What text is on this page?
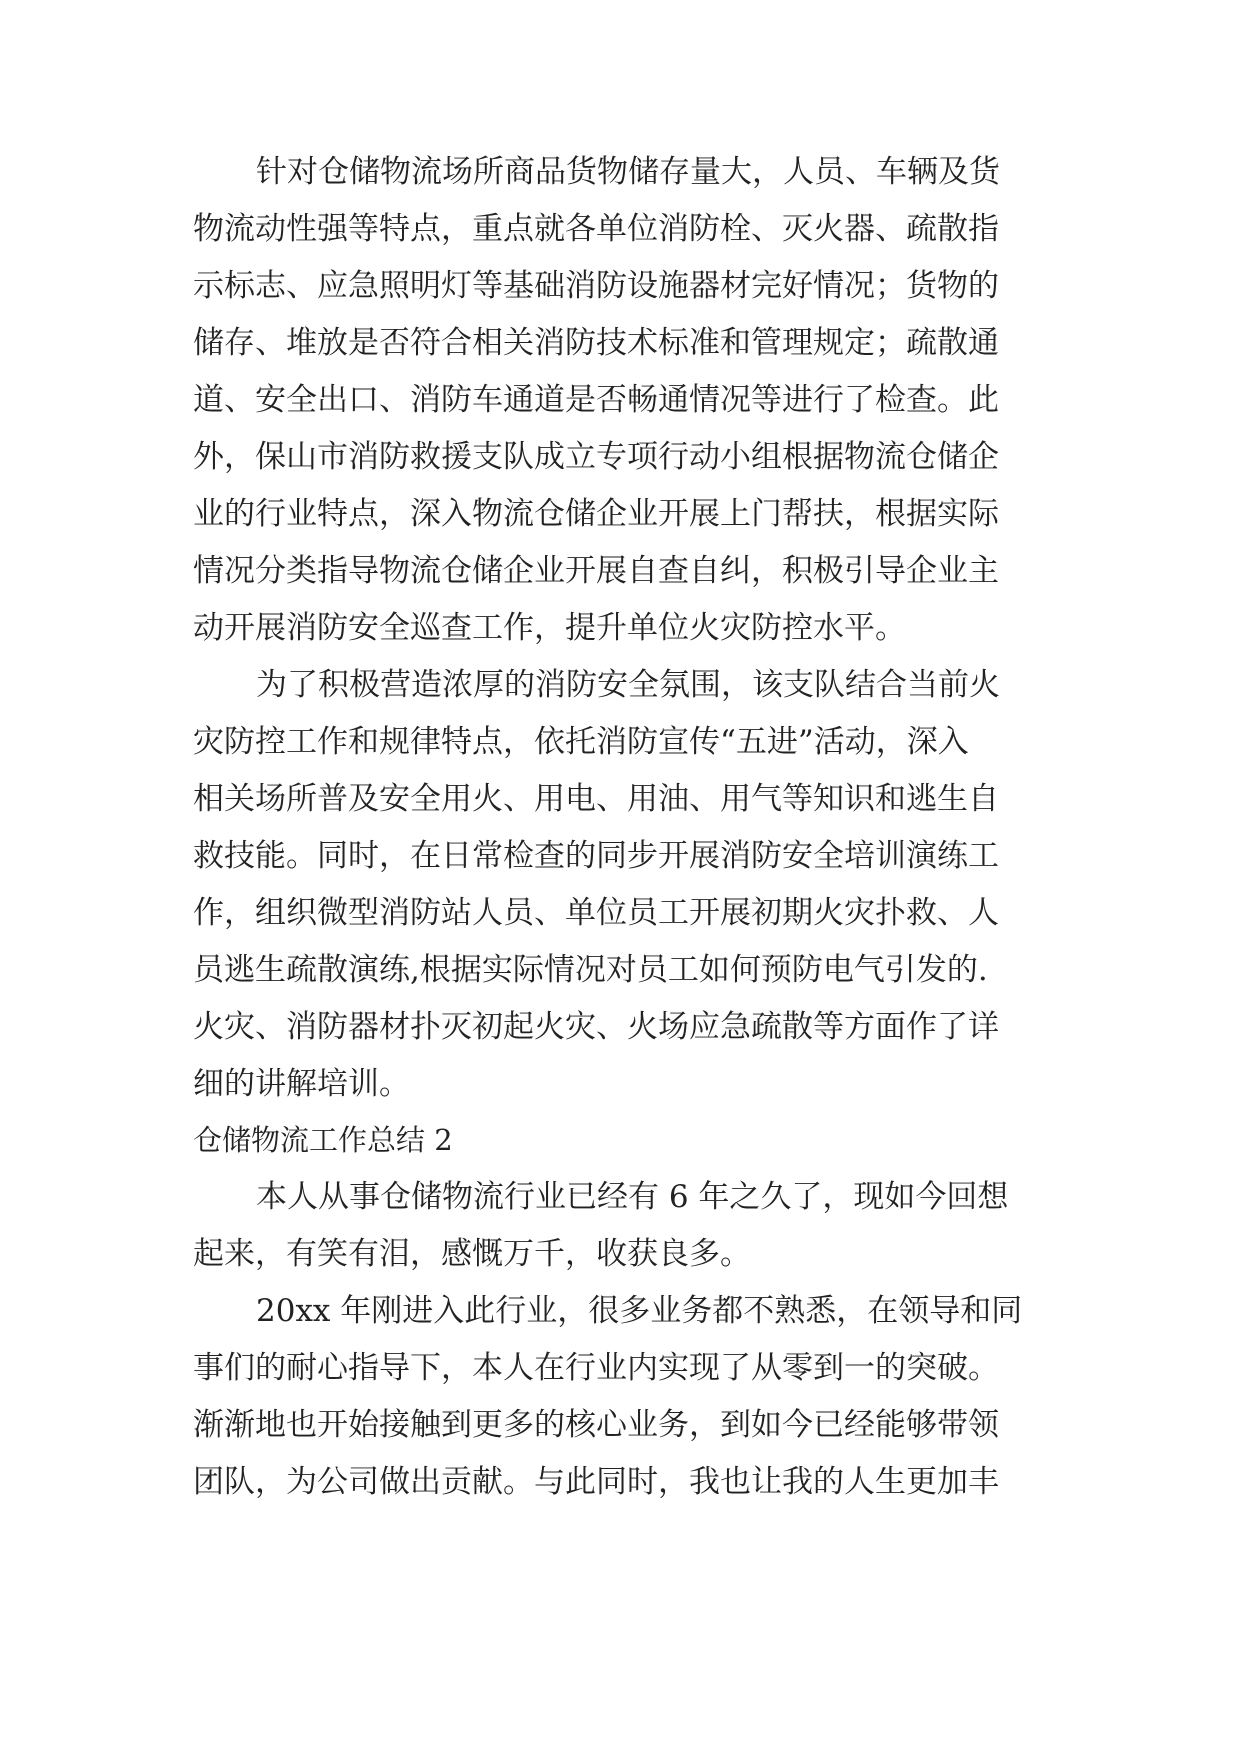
针对仓储物流场所商品货物储存量大，人员、车辆及货
物流动性强等特点，重点就各单位消防栓、灭火器、疏散指
示标志、应急照明灯等基础消防设施器材完好情况；货物的
储存、堆放是否符合相关消防技术标准和管理规定；疏散通
道、安全出口、消防车通道是否畅通情况等进行了检查。此
外，保山市消防救援支队成立专项行动小组根据物流仓储企
业的行业特点，深入物流仓储企业开展上门帮扶，根据实际
情况分类指导物流仓储企业开展自查自纠，积极引导企业主
动开展消防安全巡查工作，提升单位火灾防控水平。
为了积极营造浓厚的消防安全氛围，该支队结合当前火
灾防控工作和规律特点，依托消防宣传“五进”活动，深入
相关场所普及安全用火、用电、用油、用气等知识和逃生自
救技能。同时，在日常检查的同步开展消防安全培训演练工
作，组织微型消防站人员、单位员工开展初期火灾扑救、人
员逃生疏散演练,根据实际情况对员工如何预防电气引发的.
火灾、消防器材扑灭初起火灾、火场应急疏散等方面作了详
细的讲解培训。
仓储物流工作总结 2
本人从事仓储物流行业已经有 6 年之久了，现如今回想
起来，有笑有泪，感慨万千，收获良多。
20xx 年刚进入此行业，很多业务都不熟悉，在领导和同
事们的耐心指导下，本人在行业内实现了从零到一的突破。
渐渐地也开始接触到更多的核心业务，到如今已经能够带领
团队，为公司做出贡献。与此同时，我也让我的人生更加丰
